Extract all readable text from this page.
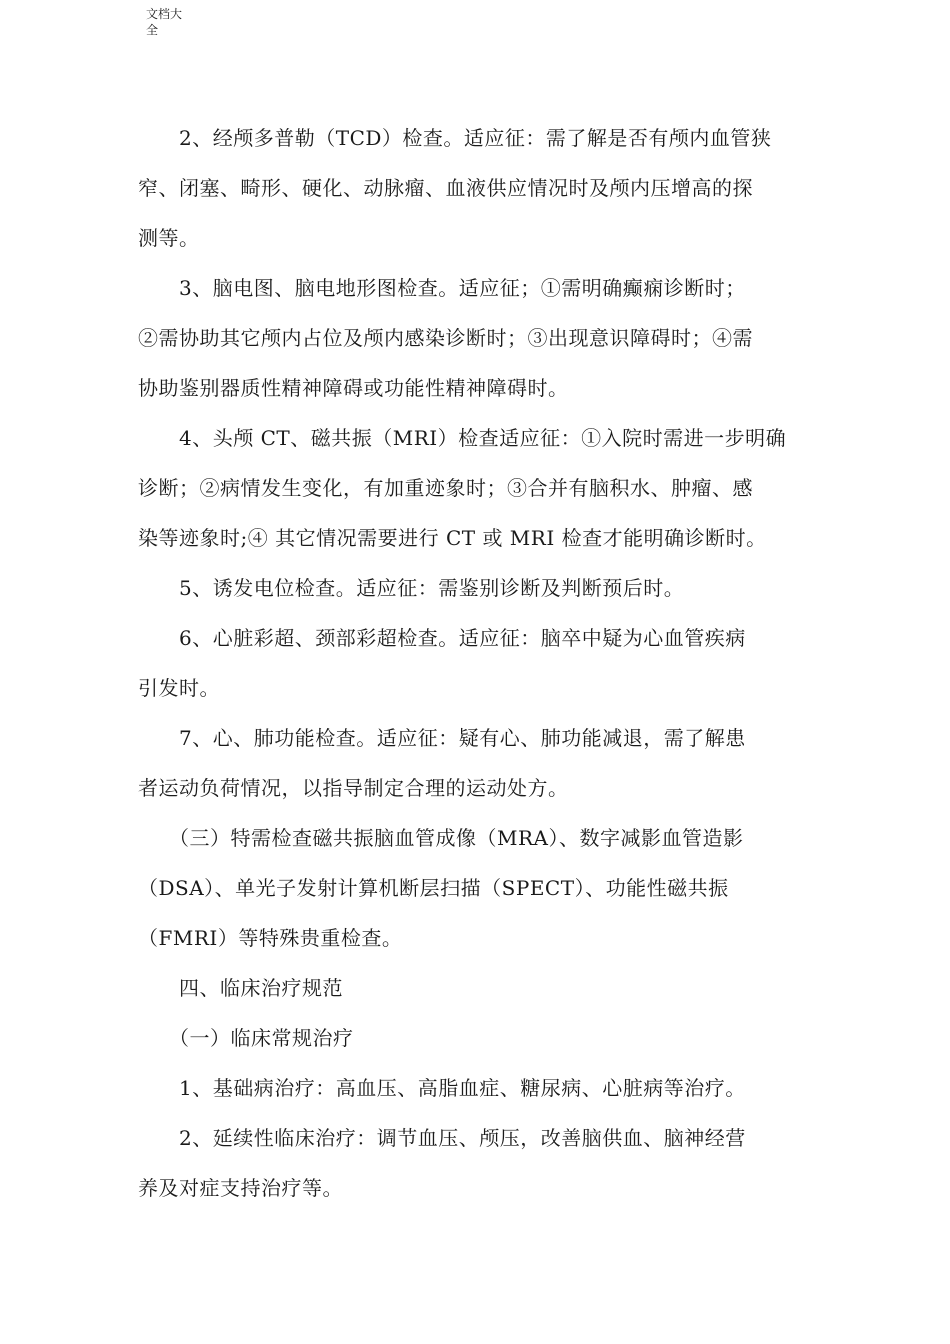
文档大
全
　　2、经颅多普勒（TCD）检查。适应征：需了解是否有颅内血管狭
窄、闭塞、畸形、硬化、动脉瘤、血液供应情况时及颅内压增高的探
测等。
　　3、脑电图、脑电地形图检查。适应征；①需明确癫痫诊断时；
②需协助其它颅内占位及颅内感染诊断时；③出现意识障碍时；④需
协助鉴别器质性精神障碍或功能性精神障碍时。
　　4、头颅 CT、磁共振（MRI）检查适应征：①入院时需进一步明确
诊断；②病情发生变化，有加重迹象时；③合并有脑积水、肿瘤、感
染等迹象时;④ 其它情况需要进行 CT 或 MRI 检查才能明确诊断时。
　　5、诱发电位检查。适应征：需鉴别诊断及判断预后时。
　　6、心脏彩超、颈部彩超检查。适应征：脑卒中疑为心血管疾病
引发时。
　　7、心、肺功能检查。适应征：疑有心、肺功能减退，需了解患
者运动负荷情况，以指导制定合理的运动处方。
　　（三）特需检查磁共振脑血管成像（MRA）、数字减影血管造影
（DSA）、单光子发射计算机断层扫描（SPECT）、功能性磁共振
（FMRI）等特殊贵重检查。
　　四、临床治疗规范
　　（一）临床常规治疗
　　1、基础病治疗：高血压、高脂血症、糖尿病、心脏病等治疗。
　　2、延续性临床治疗：调节血压、颅压，改善脑供血、脑神经营
养及对症支持治疗等。
